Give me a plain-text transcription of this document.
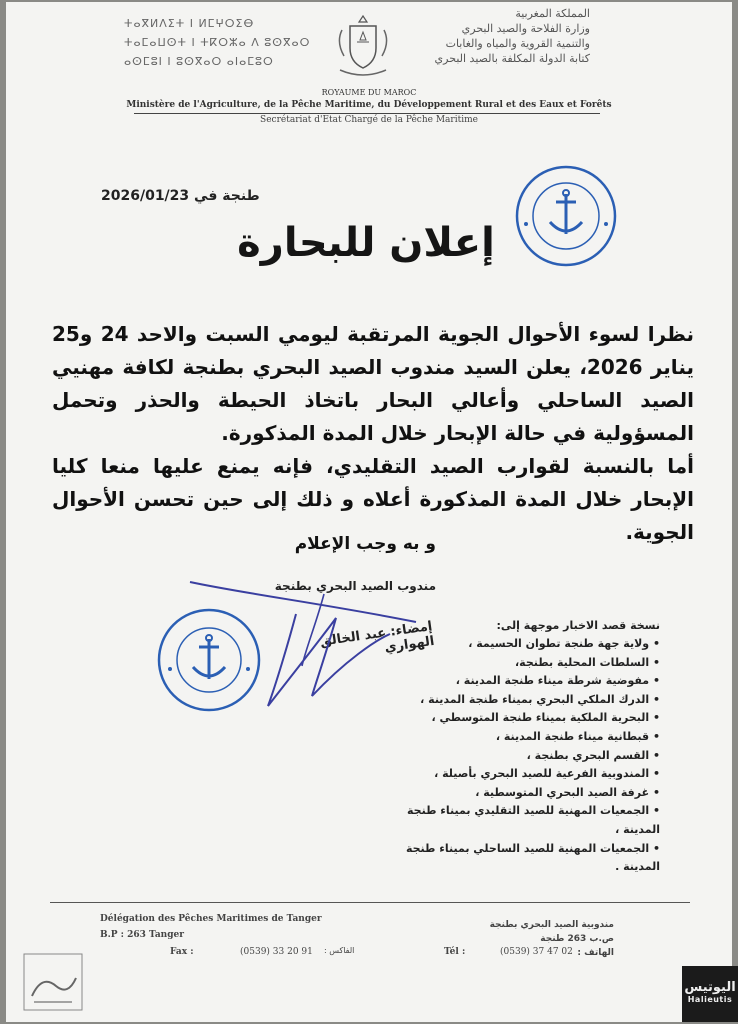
المملكة المغربية
وزارة الفلاحة والصيد البحري
والتنمية القروية والمياه والغابات
كتابة الدولة المكلفة بالصيد البحري
ⵜⴰⴳⵍⴷⵉⵜ ⵏ ⵍⵎⵖⵔⵉⴱ
ⵜⴰⵎⴰⵡⵙⵜ ⵏ ⵜⴽⵔⵣⴰ ⴷ ⵓⵙⴳⴰⵔ
ⴰⵙⵎⵓⵏ ⵏ ⵓⵙⴳⴰⵔ ⴰⵏⴰⵎⵓⵔ
ROYAUME DU MAROC
Ministère de l'Agriculture, de la Pêche Maritime, du Développement Rural et des Eaux et Forêts
Secrétariat d'Etat Chargé de la Pêche Maritime
طنجة في 2026/01/23
إعلان للبحارة

نظرا لسوء الأحوال الجوية المرتقبة ليومي السبت والاحد 24 و25 يناير 2026، يعلن السيد مندوب الصيد البحري بطنجة لكافة مهنيي الصيد الساحلي وأعالي البحار باتخاذ الحيطة والحذر وتحمل المسؤولية في حالة الإبحار خلال المدة المذكورة.

أما بالنسبة لقوارب الصيد التقليدي، فإنه يمنع عليها منعا كليا الإبحار خلال المدة المذكورة أعلاه و ذلك إلى حين تحسن الأحوال الجوية.

و به وجب الإعلام
مندوب الصيد البحري بطنجة
إمضاء: عبد الخالق الهواري
نسخة قصد الاخبار موجهة إلى:
• ولاية جهة طنجة تطوان الحسيمة ،
• السلطات المحلية بطنجة،
• مفوضية شرطة ميناء طنجة المدينة ،
• الدرك الملكي البحري بميناء طنجة المدينة ،
• البحرية الملكية بميناء طنجة المتوسطي ،
• قبطانية ميناء طنجة المدينة ،
• القسم البحري بطنجة ،
• المندوبية الفرعية للصيد البحري بأصيلة ،
• غرفة الصيد البحري المتوسطية ،
• الجمعيات المهنية للصيد التقليدي بميناء طنجة المدينة ،
• الجمعيات المهنية للصيد الساحلي بميناء طنجة المدينة .
Délégation des Pêches Maritimes de Tanger
B.P : 263 Tanger
Fax :	(0539) 33 20 91 الفاكس :	Tél :	(0539) 37 47 02
مندوبية الصيد البحري بطنجة
ص.ب 263 طنجة
الهاتف :
اليوتيس
Halieutis
